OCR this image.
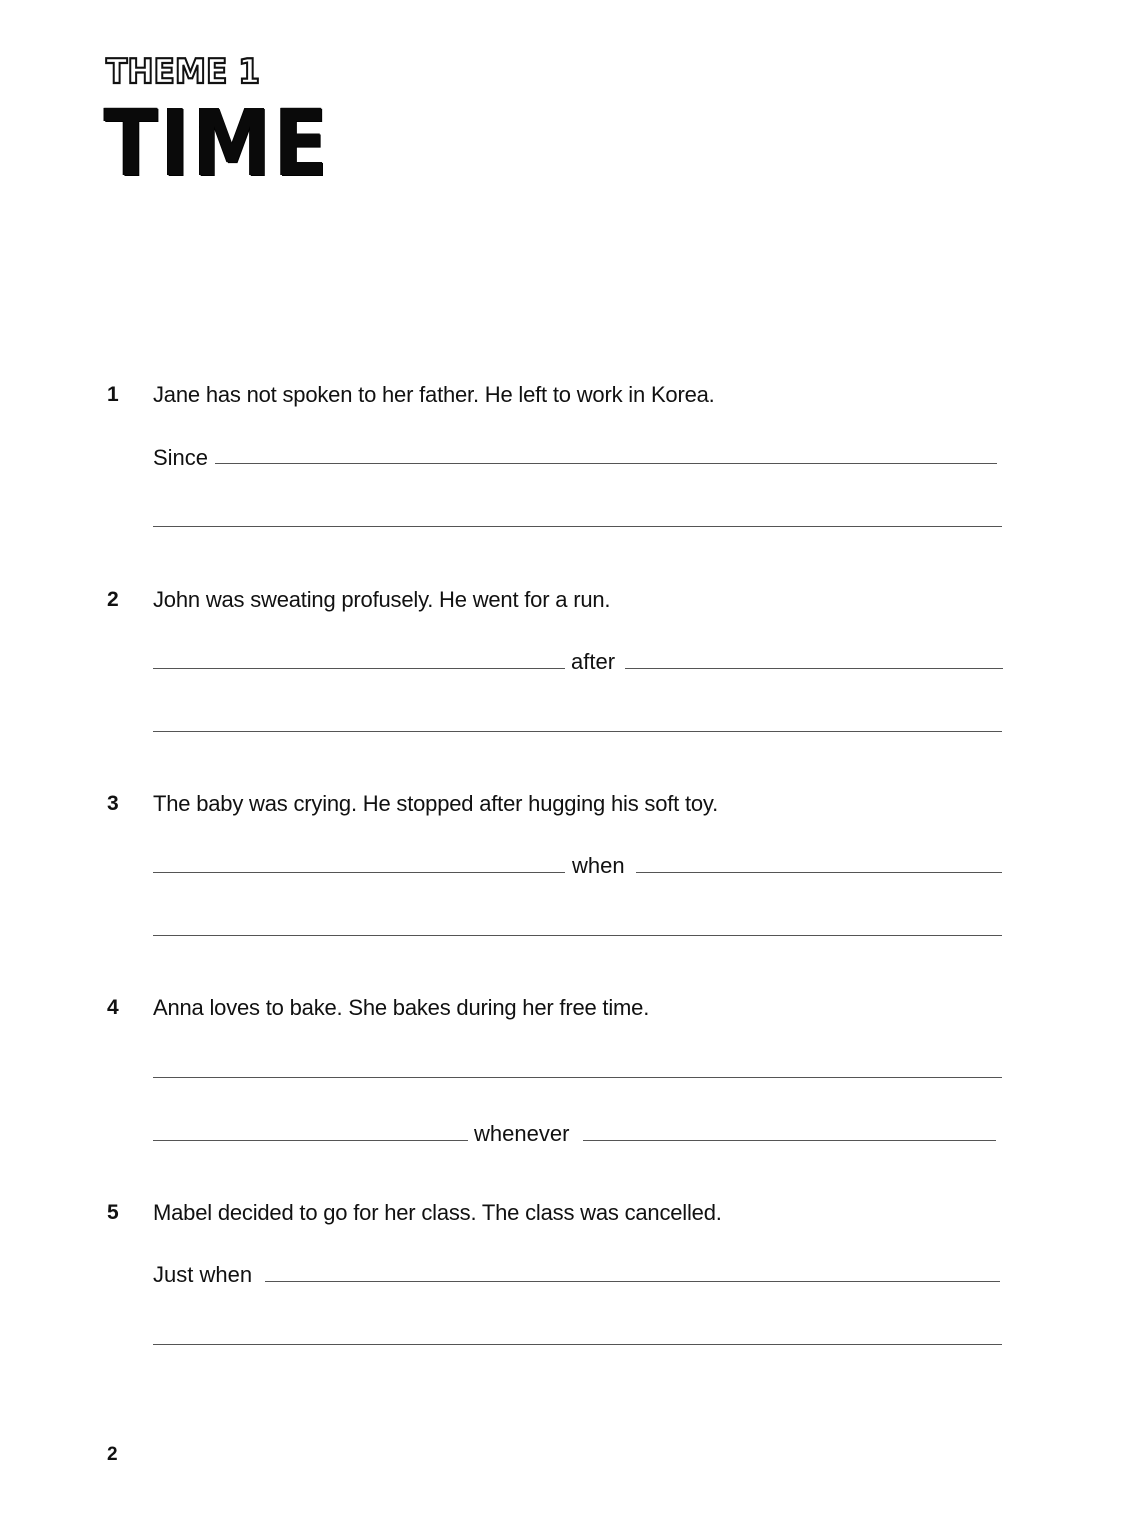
THEME 1
TIME
1 Jane has not spoken to her father. He left to work in Korea.
Since
2 John was sweating profusely. He went for a run.
after
3 The baby was crying. He stopped after hugging his soft toy.
when
4 Anna loves to bake. She bakes during her free time.
whenever
5 Mabel decided to go for her class. The class was cancelled.
Just when
2
